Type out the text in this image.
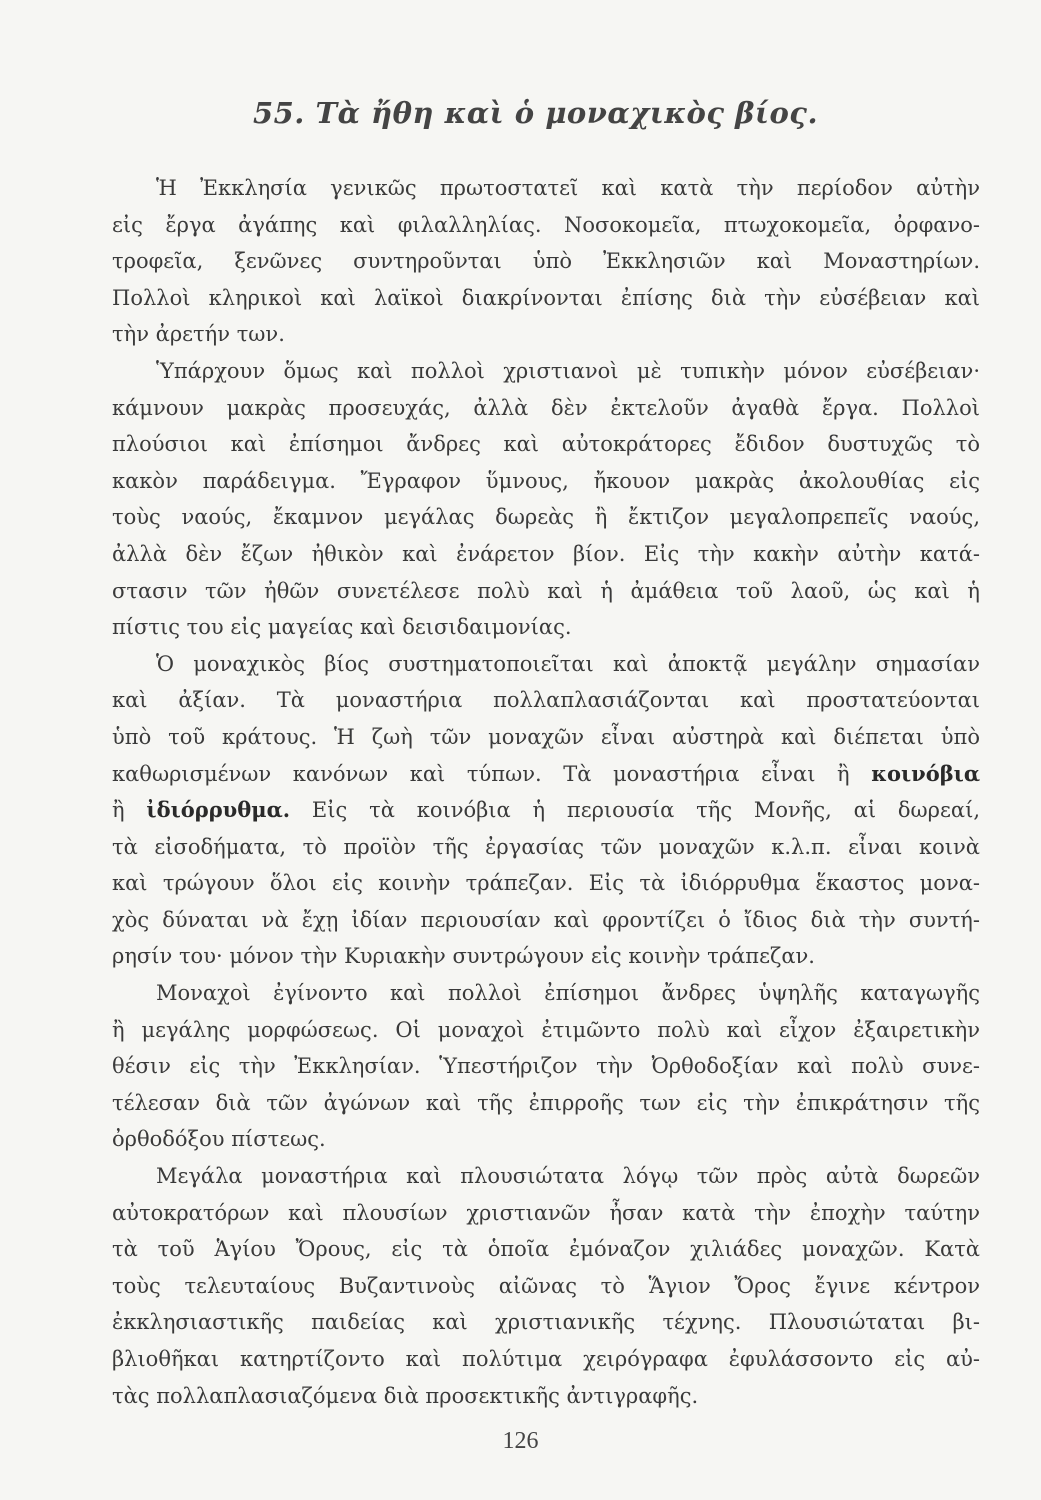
55. Τὰ ἤθη καὶ ὁ μοναχικὸς βίος.
Ἡ Ἐκκλησία γενικῶς πρωτοστατεῖ καὶ κατὰ τὴν περίοδον αὐτὴν
εἰς ἔργα ἀγάπης καὶ φιλαλληλίας. Νοσοκομεῖα, πτωχοκομεῖα, ὀρφανο-
τροφεῖα, ξενῶνες συντηροῦνται ὑπὸ Ἐκκλησιῶν καὶ Μοναστηρίων.
Πολλοὶ κληρικοὶ καὶ λαϊκοὶ διακρίνονται ἐπίσης διὰ τὴν εὐσέβειαν καὶ
τὴν ἀρετήν των.
Ὑπάρχουν ὅμως καὶ πολλοὶ χριστιανοὶ μὲ τυπικὴν μόνον εὐσέβειαν·
κάμνουν μακρὰς προσευχάς, ἀλλὰ δὲν ἐκτελοῦν ἀγαθὰ ἔργα. Πολλοὶ
πλούσιοι καὶ ἐπίσημοι ἄνδρες καὶ αὐτοκράτορες ἔδιδον δυστυχῶς τὸ
κακὸν παράδειγμα. Ἔγραφον ὕμνους, ἤκουον μακρὰς ἀκολουθίας εἰς
τοὺς ναούς, ἔκαμνον μεγάλας δωρεὰς ἢ ἔκτιζον μεγαλοπρεπεῖς ναούς,
ἀλλὰ δὲν ἔζων ἠθικὸν καὶ ἐνάρετον βίον. Εἰς τὴν κακὴν αὐτὴν κατά-
στασιν τῶν ἠθῶν συνετέλεσε πολὺ καὶ ἡ ἀμάθεια τοῦ λαοῦ, ὡς καὶ ἡ
πίστις του εἰς μαγείας καὶ δεισιδαιμονίας.
Ὁ μοναχικὸς βίος συστηματοποιεῖται καὶ ἀποκτᾷ μεγάλην σημασίαν
καὶ ἀξίαν. Τὰ μοναστήρια πολλαπλασιάζονται καὶ προστατεύονται
ὑπὸ τοῦ κράτους. Ἡ ζωὴ τῶν μοναχῶν εἶναι αὐστηρὰ καὶ διέπεται ὑπὸ
καθωρισμένων κανόνων καὶ τύπων. Τὰ μοναστήρια εἶναι ἢ κοινόβια
ἢ ἰδιόρρυθμα. Εἰς τὰ κοινόβια ἡ περιουσία τῆς Μονῆς, αἱ δωρεαί,
τὰ εἰσοδήματα, τὸ προϊὸν τῆς ἐργασίας τῶν μοναχῶν κ.λ.π. εἶναι κοινὰ
καὶ τρώγουν ὅλοι εἰς κοινὴν τράπεζαν. Εἰς τὰ ἰδιόρρυθμα ἕκαστος μονα-
χὸς δύναται νὰ ἔχῃ ἰδίαν περιουσίαν καὶ φροντίζει ὁ ἴδιος διὰ τὴν συντή-
ρησίν του· μόνον τὴν Κυριακὴν συντρώγουν εἰς κοινὴν τράπεζαν.
Μοναχοὶ ἐγίνοντο καὶ πολλοὶ ἐπίσημοι ἄνδρες ὑψηλῆς καταγωγῆς
ἢ μεγάλης μορφώσεως. Οἱ μοναχοὶ ἐτιμῶντο πολὺ καὶ εἶχον ἐξαιρετικὴν
θέσιν εἰς τὴν Ἐκκλησίαν. Ὑπεστήριζον τὴν Ὀρθοδοξίαν καὶ πολὺ συνε-
τέλεσαν διὰ τῶν ἀγώνων καὶ τῆς ἐπιρροῆς των εἰς τὴν ἐπικράτησιν τῆς
ὀρθοδόξου πίστεως.
Μεγάλα μοναστήρια καὶ πλουσιώτατα λόγῳ τῶν πρὸς αὐτὰ δωρεῶν
αὐτοκρατόρων καὶ πλουσίων χριστιανῶν ἦσαν κατὰ τὴν ἐποχὴν ταύτην
τὰ τοῦ Ἁγίου Ὄρους, εἰς τὰ ὁποῖα ἐμόναζον χιλιάδες μοναχῶν. Κατὰ
τοὺς τελευταίους Βυζαντινοὺς αἰῶνας τὸ Ἅγιον Ὄρος ἔγινε κέντρον
ἐκκλησιαστικῆς παιδείας καὶ χριστιανικῆς τέχνης. Πλουσιώταται βι-
βλιοθῆκαι κατηρτίζοντο καὶ πολύτιμα χειρόγραφα ἐφυλάσσοντο εἰς αὐ-
τὰς πολλαπλασιαζόμενα διὰ προσεκτικῆς ἀντιγραφῆς.
126
